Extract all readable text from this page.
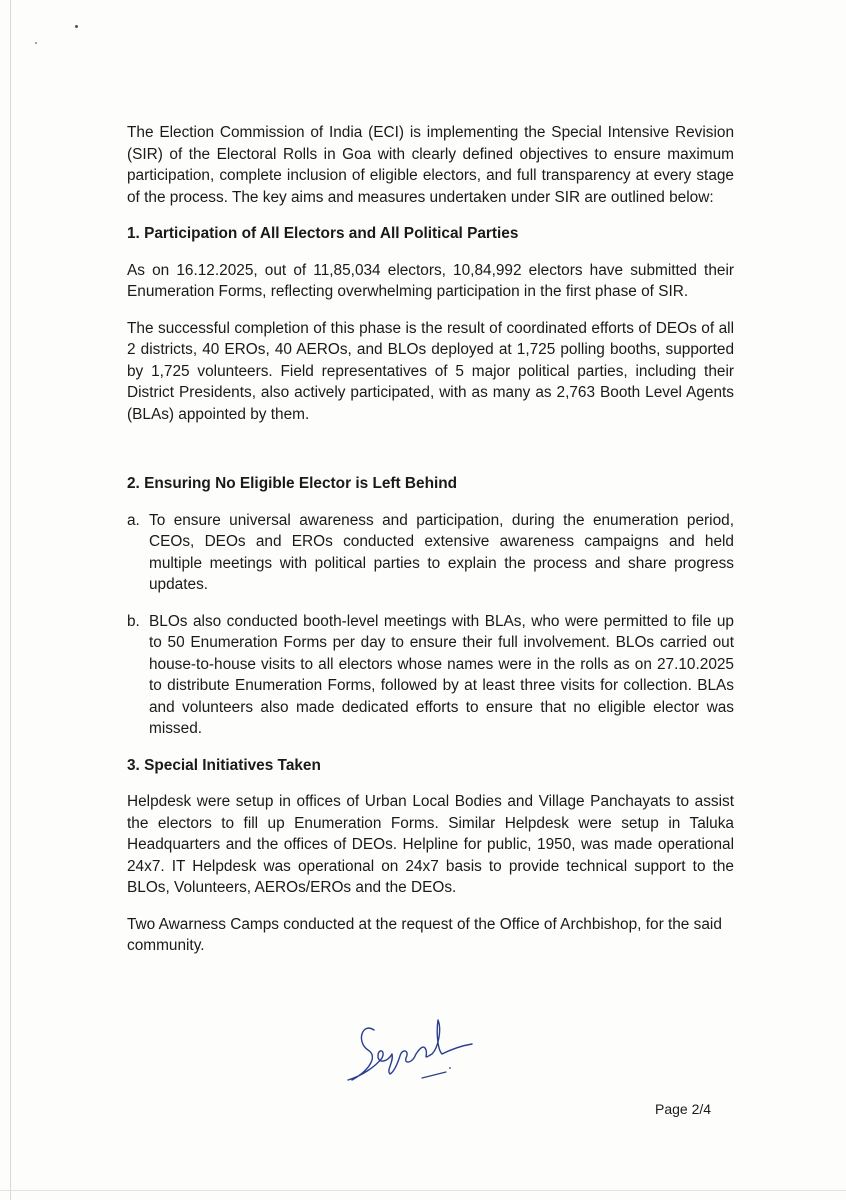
The Election Commission of India (ECI) is implementing the Special Intensive Revision (SIR) of the Electoral Rolls in Goa with clearly defined objectives to ensure maximum participation, complete inclusion of eligible electors, and full transparency at every stage of the process. The key aims and measures undertaken under SIR are outlined below:

1. Participation of All Electors and All Political Parties

As on 16.12.2025, out of 11,85,034 electors, 10,84,992 electors have submitted their Enumeration Forms, reflecting overwhelming participation in the first phase of SIR.

The successful completion of this phase is the result of coordinated efforts of DEOs of all 2 districts, 40 EROs, 40 AEROs, and BLOs deployed at 1,725 polling booths, supported by 1,725 volunteers. Field representatives of 5 major political parties, including their District Presidents, also actively participated, with as many as 2,763 Booth Level Agents (BLAs) appointed by them.

2. Ensuring No Eligible Elector is Left Behind
a. To ensure universal awareness and participation, during the enumeration period, CEOs, DEOs and EROs conducted extensive awareness campaigns and held multiple meetings with political parties to explain the process and share progress updates.

b. BLOs also conducted booth-level meetings with BLAs, who were permitted to file up to 50 Enumeration Forms per day to ensure their full involvement. BLOs carried out house-to-house visits to all electors whose names were in the rolls as on 27.10.2025 to distribute Enumeration Forms, followed by at least three visits for collection. BLAs and volunteers also made dedicated efforts to ensure that no eligible elector was missed.

3. Special Initiatives Taken

Helpdesk were setup in offices of Urban Local Bodies and Village Panchayats to assist the electors to fill up Enumeration Forms. Similar Helpdesk were setup in Taluka Headquarters and the offices of DEOs. Helpline for public, 1950, was made operational 24x7. IT Helpdesk was operational on 24x7 basis to provide technical support to the BLOs, Volunteers, AEROs/EROs and the DEOs.

Two Awarness Camps conducted at the request of the Office of Archbishop, for the said community.

Page 2/4
